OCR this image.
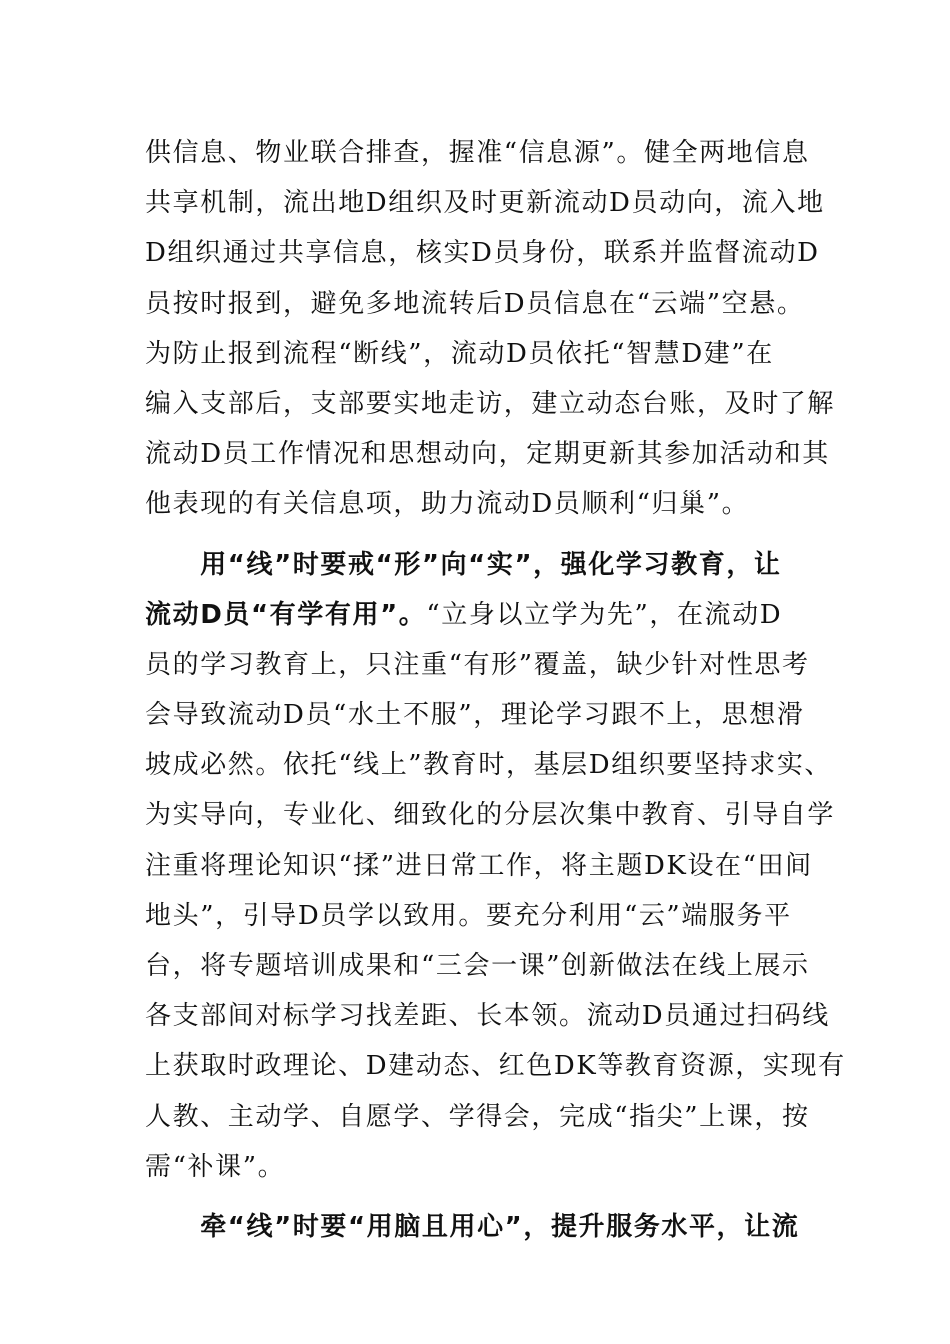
供信息、物业联合排查，握准“信息源”。健全两地信息
共享机制，流出地D组织及时更新流动D员动向，流入地
D组织通过共享信息，核实D员身份，联系并监督流动D
员按时报到，避免多地流转后D员信息在“云端”空悬。
为防止报到流程“断线”，流动D员依托“智慧D建”在
编入支部后，支部要实地走访，建立动态台账，及时了解
流动D员工作情况和思想动向，定期更新其参加活动和其
他表现的有关信息项，助力流动D员顺利“归巢”。
　　用“线”时要戒“形”向“实”，强化学习教育，让
流动D员“有学有用”。“立身以立学为先”，在流动D
员的学习教育上，只注重“有形”覆盖，缺少针对性思考
会导致流动D员“水土不服”，理论学习跟不上，思想滑
坡成必然。依托“线上”教育时，基层D组织要坚持求实、
为实导向，专业化、细致化的分层次集中教育、引导自学
注重将理论知识“揉”进日常工作，将主题DK设在“田间
地头”，引导D员学以致用。要充分利用“云”端服务平
台，将专题培训成果和“三会一课”创新做法在线上展示
各支部间对标学习找差距、长本领。流动D员通过扫码线
上获取时政理论、D建动态、红色DK等教育资源，实现有
人教、主动学、自愿学、学得会，完成“指尖”上课，按
需“补课”。
　　牵“线”时要“用脑且用心”，提升服务水平，让流
